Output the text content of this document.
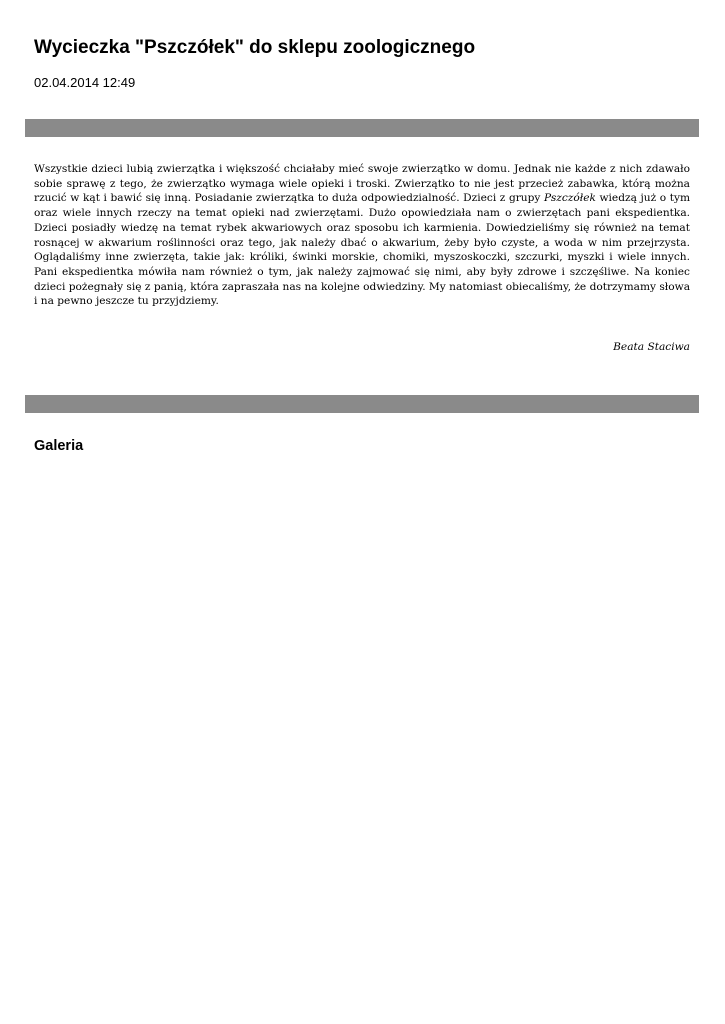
Wycieczka "Pszczółek" do sklepu zoologicznego
02.04.2014 12:49

Wszystkie dzieci lubią zwierzątka i większość chciałaby mieć swoje zwierzątko w domu. Jednak nie każde z nich zdawało sobie sprawę z tego, że zwierzątko wymaga wiele opieki i troski. Zwierzątko to nie jest przecież zabawka, którą można rzucić w kąt i bawić się inną. Posiadanie zwierzątka to duża odpowiedzialność. Dzieci z grupy Pszczółek wiedzą już o tym oraz wiele innych rzeczy na temat opieki nad zwierzętami. Dużo opowiedziała nam o zwierzętach pani ekspedientka. Dzieci posiadły wiedzę na temat rybek akwariowych oraz sposobu ich karmienia. Dowiedzieliśmy się również na temat rosnącej w akwarium roślinności oraz tego, jak należy dbać o akwarium, żeby było czyste, a woda w nim przejrzysta. Oglądaliśmy inne zwierzęta, takie jak: króliki, świnki morskie, chomiki, myszoskoczki, szczurki, myszki i wiele innych. Pani ekspedientka mówiła nam również o tym, jak należy zajmować się nimi, aby były zdrowe i szczęśliwe. Na koniec dzieci pożegnały się z panią, która zapraszała nas na kolejne odwiedziny. My natomiast obiecaliśmy, że dotrzymamy słowa i na pewno jeszcze tu przyjdziemy.

Beata Staciwa
Galeria
